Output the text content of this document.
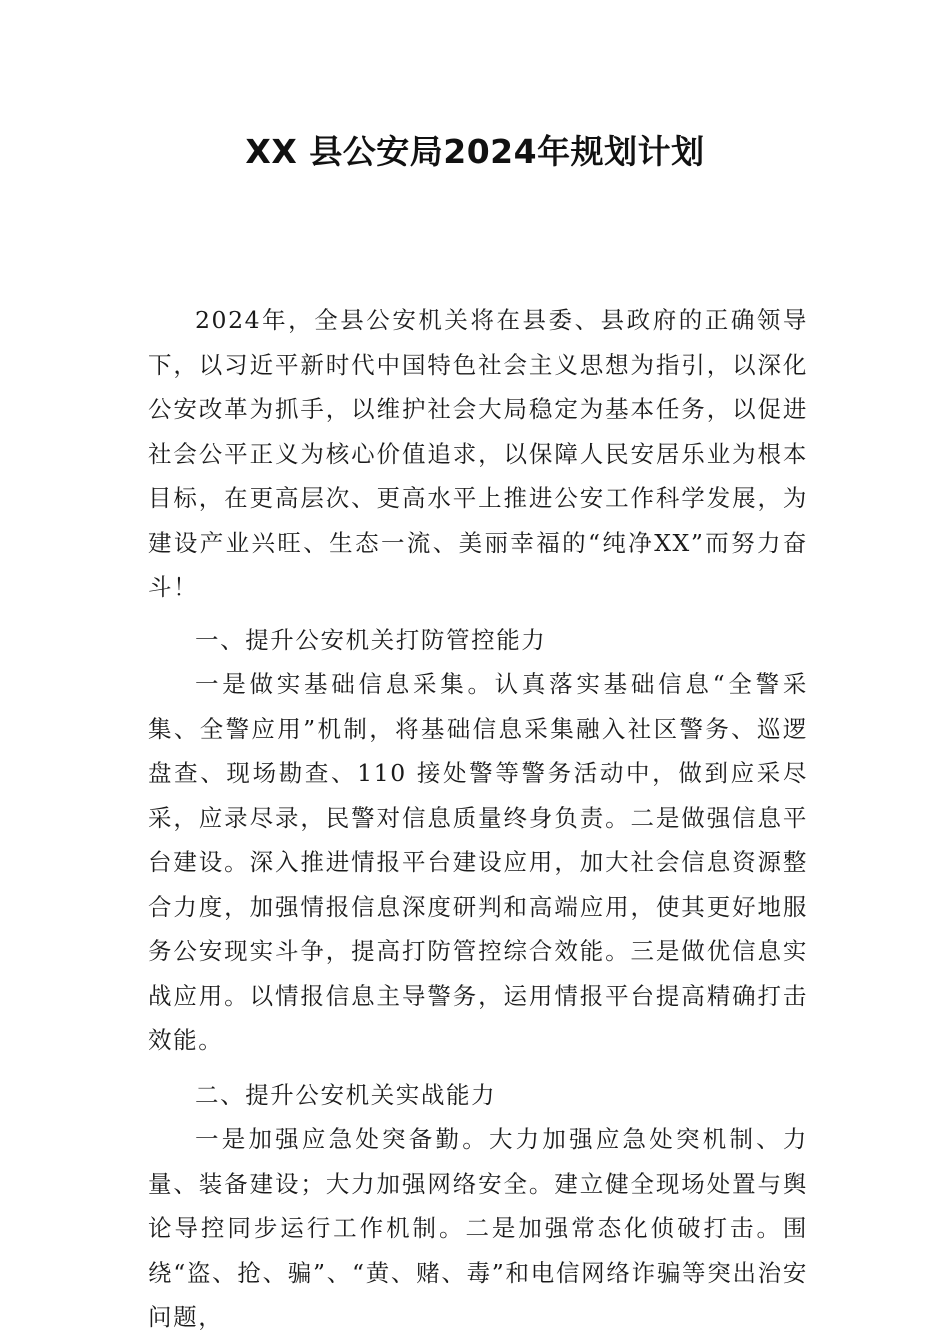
XX 县公安局2024年规划计划

2024年，全县公安机关将在县委、县政府的正确领导下，以习近平新时代中国特色社会主义思想为指引，以深化公安改革为抓手，以维护社会大局稳定为基本任务，以促进社会公平正义为核心价值追求，以保障人民安居乐业为根本目标，在更高层次、更高水平上推进公安工作科学发展，为建设产业兴旺、生态一流、美丽幸福的“纯净XX”而努力奋斗！

一、提升公安机关打防管控能力

一是做实基础信息采集。认真落实基础信息“全警采集、全警应用”机制，将基础信息采集融入社区警务、巡逻盘查、现场勘查、110 接处警等警务活动中，做到应采尽采，应录尽录，民警对信息质量终身负责。二是做强信息平台建设。深入推进情报平台建设应用，加大社会信息资源整合力度，加强情报信息深度研判和高端应用，使其更好地服务公安现实斗争，提高打防管控综合效能。三是做优信息实战应用。以情报信息主导警务，运用情报平台提高精确打击效能。

二、提升公安机关实战能力

一是加强应急处突备勤。大力加强应急处突机制、力量、装备建设；大力加强网络安全。建立健全现场处置与舆论导控同步运行工作机制。二是加强常态化侦破打击。围绕“盗、抢、骗”、“黄、赌、毒”和电信网络诈骗等突出治安问题，
